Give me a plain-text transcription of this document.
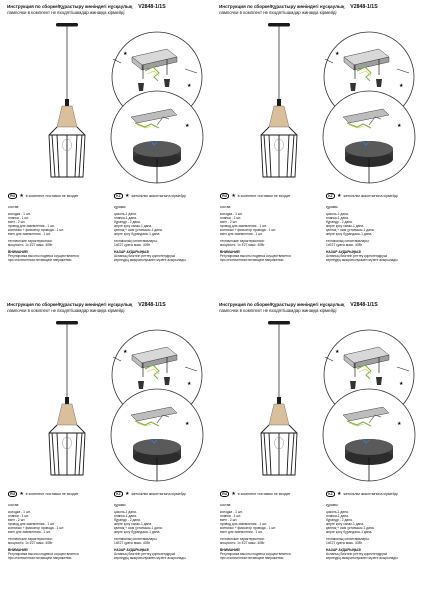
Инструкция по сборке/Құрастыру жөніндегі нұсқаулық V2848-1/1S
лампочки в комплект не входят/шамдар жинаққа кірмейді
★
★
★
RU ★ в комплект поставки не входит	KZ ★ жеткізілім жиынтығына кірмейді
состав:
колодка - 1 шт.
планка - 1 шт.
винт - 2 шт.
провод для заземления - 1 шт.
колпачок + фиксатор провода - 1 шт.
винт для заземления - 1 шт.
технические характеристики:
мощность: 1x E27 макс. 40Вт
ВНИМАНИЕ!
Регулировка высоты подвеса осуществляется
при отключенном питающем напряжении.
құрамы:
цоколь-1 дана.
планка-1 дана.
бұрандр - 2 дана.
жерге қосу сымы-1 дана.
қалпақ + сым ұстағышы-1 дана.
жерге қосу бұрандасы-1 дана.
техникалық сипаттамалары:
1хЕ27 қуаты макс. 40Вт
НАЗАР АУДАРЫҢЫЗ!
Аспаның биіктігін реттеу қоректендіруші
кернеудің ажыратылуымен жүзеге асырылады.
Инструкция по сборке/Құрастыру жөніндегі нұсқаулық V2848-1/1S
лампочки в комплект не входят/шамдар жинаққа кірмейді
★
★
★
RU ★ в комплект поставки не входит	KZ ★ жеткізілім жиынтығына кірмейді
состав:
колодка - 1 шт.
планка - 1 шт.
винт - 2 шт.
провод для заземления - 1 шт.
колпачок + фиксатор провода - 1 шт.
винт для заземления - 1 шт.
технические характеристики:
мощность: 1x E27 макс. 40Вт
ВНИМАНИЕ!
Регулировка высоты подвеса осуществляется
при отключенном питающем напряжении.
құрамы:
цоколь-1 дана.
планка-1 дана.
бұрандр - 2 дана.
жерге қосу сымы-1 дана.
қалпақ + сым ұстағышы-1 дана.
жерге қосу бұрандасы-1 дана.
техникалық сипаттамалары:
1хЕ27 қуаты макс. 40Вт
НАЗАР АУДАРЫҢЫЗ!
Аспаның биіктігін реттеу қоректендіруші
кернеудің ажыратылуымен жүзеге асырылады.
Инструкция по сборке/Құрастыру жөніндегі нұсқаулық V2848-1/1S
лампочки в комплект не входят/шамдар жинаққа кірмейді
★
★
★
RU ★ в комплект поставки не входит	KZ ★ жеткізілім жиынтығына кірмейді
состав:
колодка - 1 шт.
планка - 1 шт.
винт - 2 шт.
провод для заземления - 1 шт.
колпачок + фиксатор провода - 1 шт.
винт для заземления - 1 шт.
технические характеристики:
мощность: 1x E27 макс. 40Вт
ВНИМАНИЕ!
Регулировка высоты подвеса осуществляется
при отключенном питающем напряжении.
құрамы:
цоколь-1 дана.
планка-1 дана.
бұрандр - 2 дана.
жерге қосу сымы-1 дана.
қалпақ + сым ұстағышы-1 дана.
жерге қосу бұрандасы-1 дана.
техникалық сипаттамалары:
1хЕ27 қуаты макс. 40Вт
НАЗАР АУДАРЫҢЫЗ!
Аспаның биіктігін реттеу қоректендіруші
кернеудің ажыратылуымен жүзеге асырылады.
Инструкция по сборке/Құрастыру жөніндегі нұсқаулық V2848-1/1S
лампочки в комплект не входят/шамдар жинаққа кірмейді
★
★
★
RU ★ в комплект поставки не входит	KZ ★ жеткізілім жиынтығына кірмейді
состав:
колодка - 1 шт.
планка - 1 шт.
винт - 2 шт.
провод для заземления - 1 шт.
колпачок + фиксатор провода - 1 шт.
винт для заземления - 1 шт.
технические характеристики:
мощность: 1x E27 макс. 40Вт
ВНИМАНИЕ!
Регулировка высоты подвеса осуществляется
при отключенном питающем напряжении.
құрамы:
цоколь-1 дана.
планка-1 дана.
бұрандр - 2 дана.
жерге қосу сымы-1 дана.
қалпақ + сым ұстағышы-1 дана.
жерге қосу бұрандасы-1 дана.
техникалық сипаттамалары:
1хЕ27 қуаты макс. 40Вт
НАЗАР АУДАРЫҢЫЗ!
Аспаның биіктігін реттеу қоректендіруші
кернеудің ажыратылуымен жүзеге асырылады.
